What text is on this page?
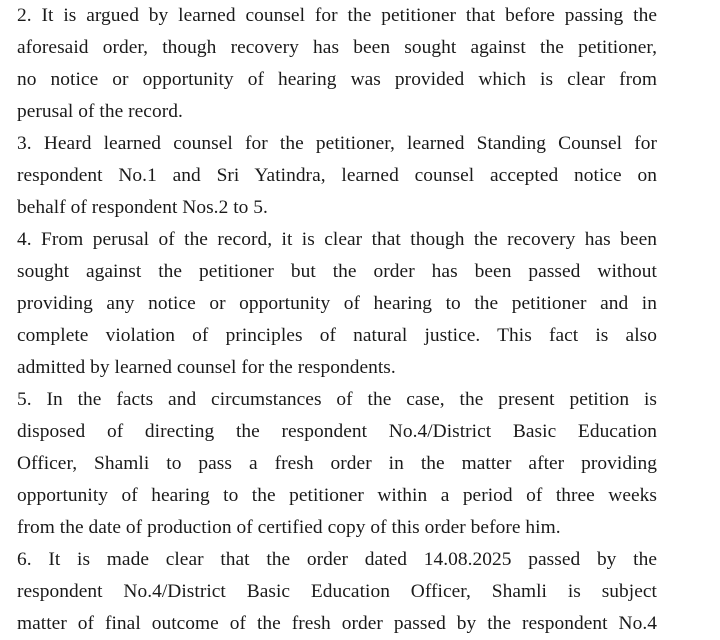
2. It is argued by learned counsel for the petitioner that before passing the
aforesaid order, though recovery has been sought against the petitioner,
no notice or opportunity of hearing was provided which is clear from
perusal of the record.
3. Heard learned counsel for the petitioner, learned Standing Counsel for
respondent No.1 and Sri Yatindra, learned counsel accepted notice on
behalf of respondent Nos.2 to 5.
4. From perusal of the record, it is clear that though the recovery has been
sought against the petitioner but the order has been passed without
providing any notice or opportunity of hearing to the petitioner and in
complete violation of principles of natural justice. This fact is also
admitted by learned counsel for the respondents.
5. In the facts and circumstances of the case, the present petition is
disposed of directing the respondent No.4/District Basic Education
Officer, Shamli to pass a fresh order in the matter after providing
opportunity of hearing to the petitioner within a period of three weeks
from the date of production of certified copy of this order before him.
6. It is made clear that the order dated 14.08.2025 passed by the
respondent No.4/District Basic Education Officer, Shamli is subject
matter of final outcome of the fresh order passed by the respondent No.4
